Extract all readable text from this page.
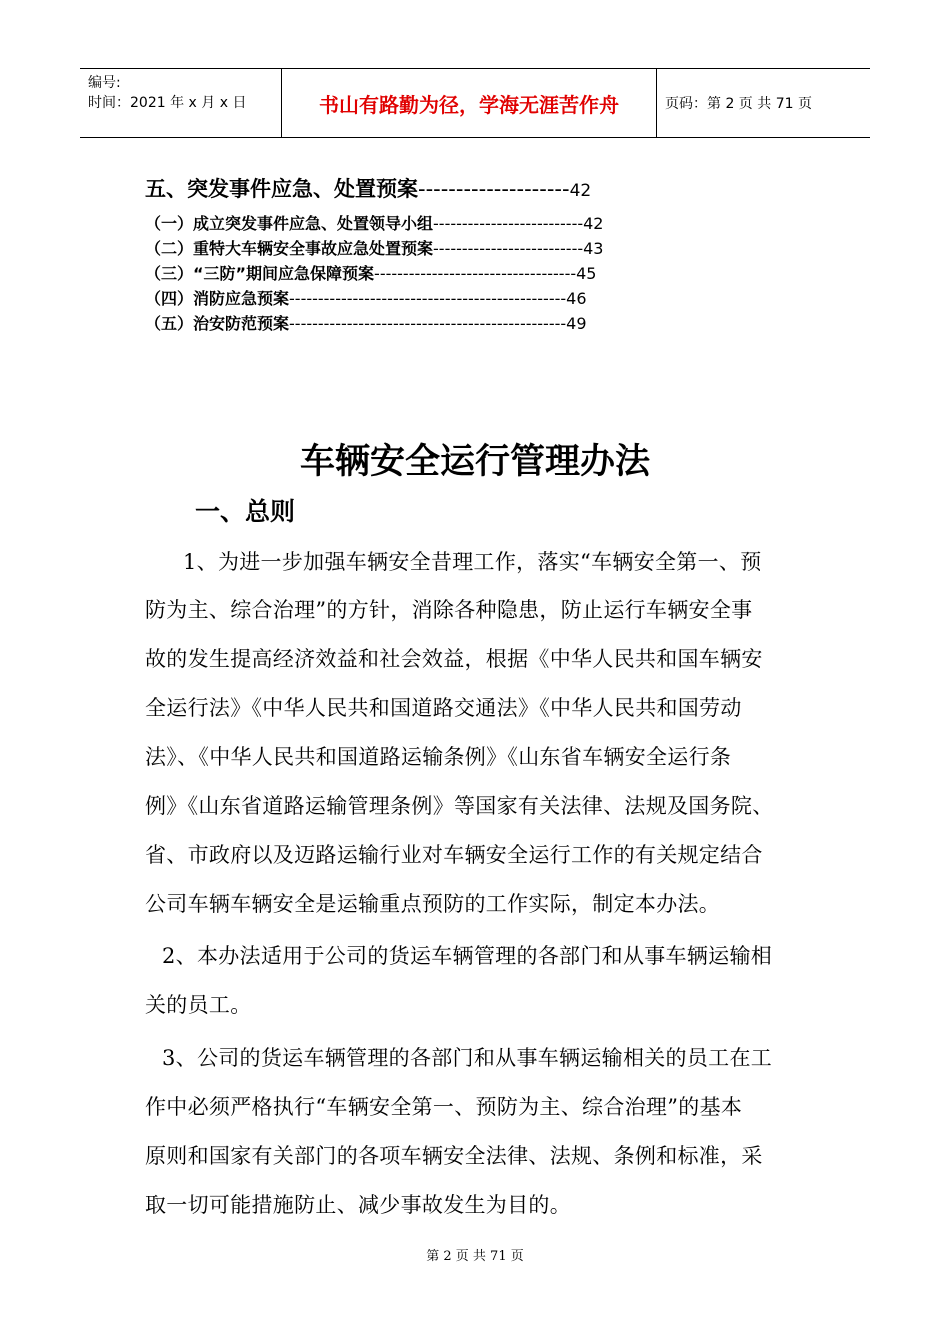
编号:
时间：2021 年 x 月 x 日	书山有路勤为径，学海无涯苦作舟	页码：第 2 页 共 71 页
五、突发事件应急、处置预案--------------------42
（一）成立突发事件应急、处置领导小组--------------------------42
（二）重特大车辆安全事故应急处置预案--------------------------43
（三）“三防”期间应急保障预案-----------------------------------45
（四）消防应急预案------------------------------------------------46
（五）治安防范预案------------------------------------------------49
车辆安全运行管理办法
一、总则
1、为进一步加强车辆安全昔理工作，落实“车辆安全第一、预
防为主、综合治理”的方针，消除各种隐患，防止运行车辆安全事
故的发生提高经济效益和社会效益，根据《中华人民共和国车辆安
全运行法》《中华人民共和国道路交通法》《中华人民共和国劳动
法》、《中华人民共和国道路运输条例》《山东省车辆安全运行条
例》《山东省道路运输管理条例》等国家有关法律、法规及国务院、
省、市政府以及迈路运输行业对车辆安全运行工作的有关规定结合
公司车辆车辆安全是运输重点预防的工作实际，制定本办法。
2、本办法适用于公司的货运车辆管理的各部门和从事车辆运输相
关的员工。
3、公司的货运车辆管理的各部门和从事车辆运输相关的员工在工
作中必须严格执行“车辆安全第一、预防为主、综合治理”的基本
原则和国家有关部门的各项车辆安全法律、法规、条例和标准，采
取一切可能措施防止、减少事故发生为目的。
第 2 页 共 71 页
